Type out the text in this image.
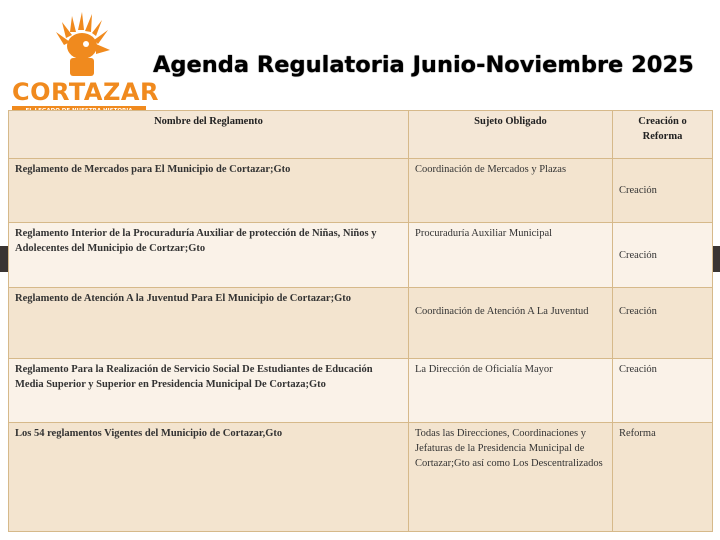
CORTAZAR
Agenda Regulatoria Junio-Noviembre 2025
Nombre del Reglamento	Sujeto Obligado	Creación o Reforma
Reglamento de Mercados para El Municipio de Cortazar;Gto	Coordinación de Mercados y Plazas	Creación
Reglamento Interior de la Procuraduría Auxiliar de protección de Niñas, Niños y Adolecentes del Municipio de Cortzar;Gto	Procuraduría Auxiliar Municipal	Creación
Reglamento de Atención A la Juventud Para El Municipio de Cortazar;Gto	Coordinación de Atención A La Juventud	Creación
Reglamento Para la Realización de Servicio Social De Estudiantes de Educación Media Superior y Superior en Presidencia Municipal De Cortaza;Gto	La Dirección de Oficialía Mayor	Creación
Los 54 reglamentos Vigentes del Municipio de Cortazar,Gto	Todas las Direcciones, Coordinaciones y Jefaturas de la Presidencia Municipal de Cortazar;Gto así como Los Descentralizados	Reforma
